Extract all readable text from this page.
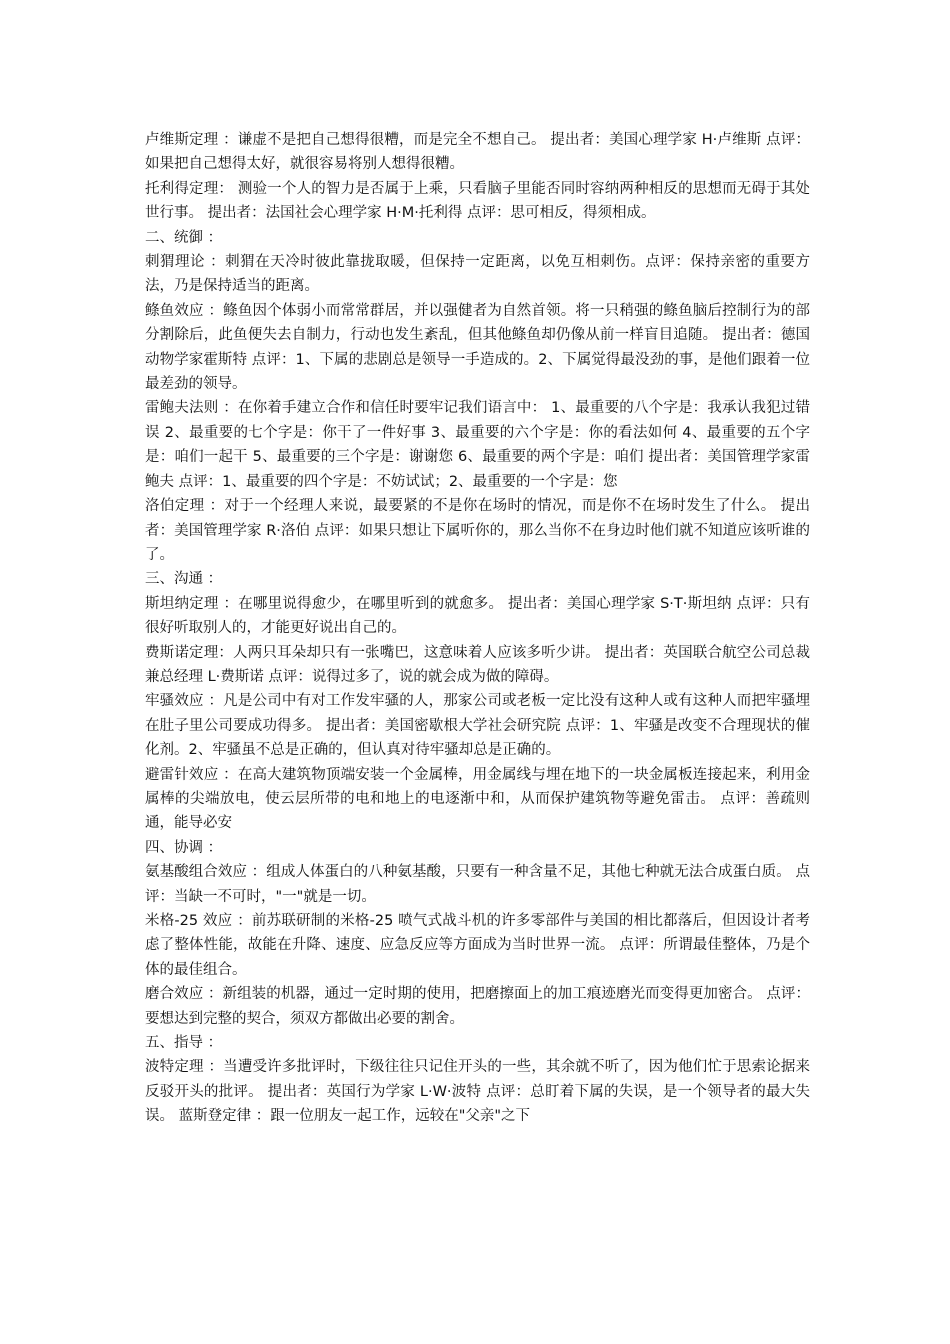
卢维斯定理 ：谦虚不是把自己想得很糟，而是完全不想自己。 提出者：美国心理学家 H·卢维斯 点评：如果把自己想得太好，就很容易将别人想得很糟。

托利得定理： 测验一个人的智力是否属于上乘，只看脑子里能否同时容纳两种相反的思想而无碍于其处世行事。 提出者：法国社会心理学家 H·M·托利得 点评：思可相反，得须相成。

二、统御 ：

刺猬理论 ：刺猬在天冷时彼此靠拢取暖，但保持一定距离，以免互相刺伤。点评：保持亲密的重要方法，乃是保持适当的距离。

鲦鱼效应 ：鲦鱼因个体弱小而常常群居，并以强健者为自然首领。将一只稍强的鲦鱼脑后控制行为的部分割除后，此鱼便失去自制力，行动也发生紊乱，但其他鲦鱼却仍像从前一样盲目追随。 提出者：德国动物学家霍斯特 点评：1、下属的悲剧总是领导一手造成的。2、下属觉得最没劲的事，是他们跟着一位最差劲的领导。

雷鲍夫法则 ：在你着手建立合作和信任时要牢记我们语言中： 1、最重要的八个字是：我承认我犯过错误 2、最重要的七个字是：你干了一件好事 3、最重要的六个字是：你的看法如何 4、最重要的五个字是：咱们一起干 5、最重要的三个字是：谢谢您 6、最重要的两个字是：咱们 提出者：美国管理学家雷鲍夫 点评：1、最重要的四个字是：不妨试试；2、最重要的一个字是：您

洛伯定理 ：对于一个经理人来说，最要紧的不是你在场时的情况，而是你不在场时发生了什么。 提出者：美国管理学家 R·洛伯 点评：如果只想让下属听你的，那么当你不在身边时他们就不知道应该听谁的了。

三、沟通 ：

斯坦纳定理 ：在哪里说得愈少，在哪里听到的就愈多。 提出者：美国心理学家 S·T·斯坦纳 点评：只有很好听取别人的，才能更好说出自己的。

费斯诺定理：人两只耳朵却只有一张嘴巴，这意味着人应该多听少讲。 提出者：英国联合航空公司总裁兼总经理 L·费斯诺 点评：说得过多了，说的就会成为做的障碍。

牢骚效应 ：凡是公司中有对工作发牢骚的人，那家公司或老板一定比没有这种人或有这种人而把牢骚埋在肚子里公司要成功得多。 提出者：美国密歇根大学社会研究院 点评：1、牢骚是改变不合理现状的催化剂。2、牢骚虽不总是正确的，但认真对待牢骚却总是正确的。

避雷针效应 ：在高大建筑物顶端安装一个金属棒，用金属线与埋在地下的一块金属板连接起来，利用金属棒的尖端放电，使云层所带的电和地上的电逐渐中和，从而保护建筑物等避免雷击。 点评：善疏则通，能导必安

四、协调 ：

氨基酸组合效应 ：组成人体蛋白的八种氨基酸，只要有一种含量不足，其他七种就无法合成蛋白质。 点评：当缺一不可时，"一"就是一切。

米格-25 效应 ：前苏联研制的米格-25 喷气式战斗机的许多零部件与美国的相比都落后，但因设计者考虑了整体性能，故能在升降、速度、应急反应等方面成为当时世界一流。 点评：所谓最佳整体，乃是个体的最佳组合。

磨合效应 ：新组装的机器，通过一定时期的使用，把磨擦面上的加工痕迹磨光而变得更加密合。 点评：要想达到完整的契合，须双方都做出必要的割舍。

五、指导 ：

波特定理 ：当遭受许多批评时，下级往往只记住开头的一些，其余就不听了，因为他们忙于思索论据来反驳开头的批评。 提出者：英国行为学家 L·W·波特 点评：总盯着下属的失误，是一个领导者的最大失误。 蓝斯登定律 ：跟一位朋友一起工作，远较在"父亲"之下
